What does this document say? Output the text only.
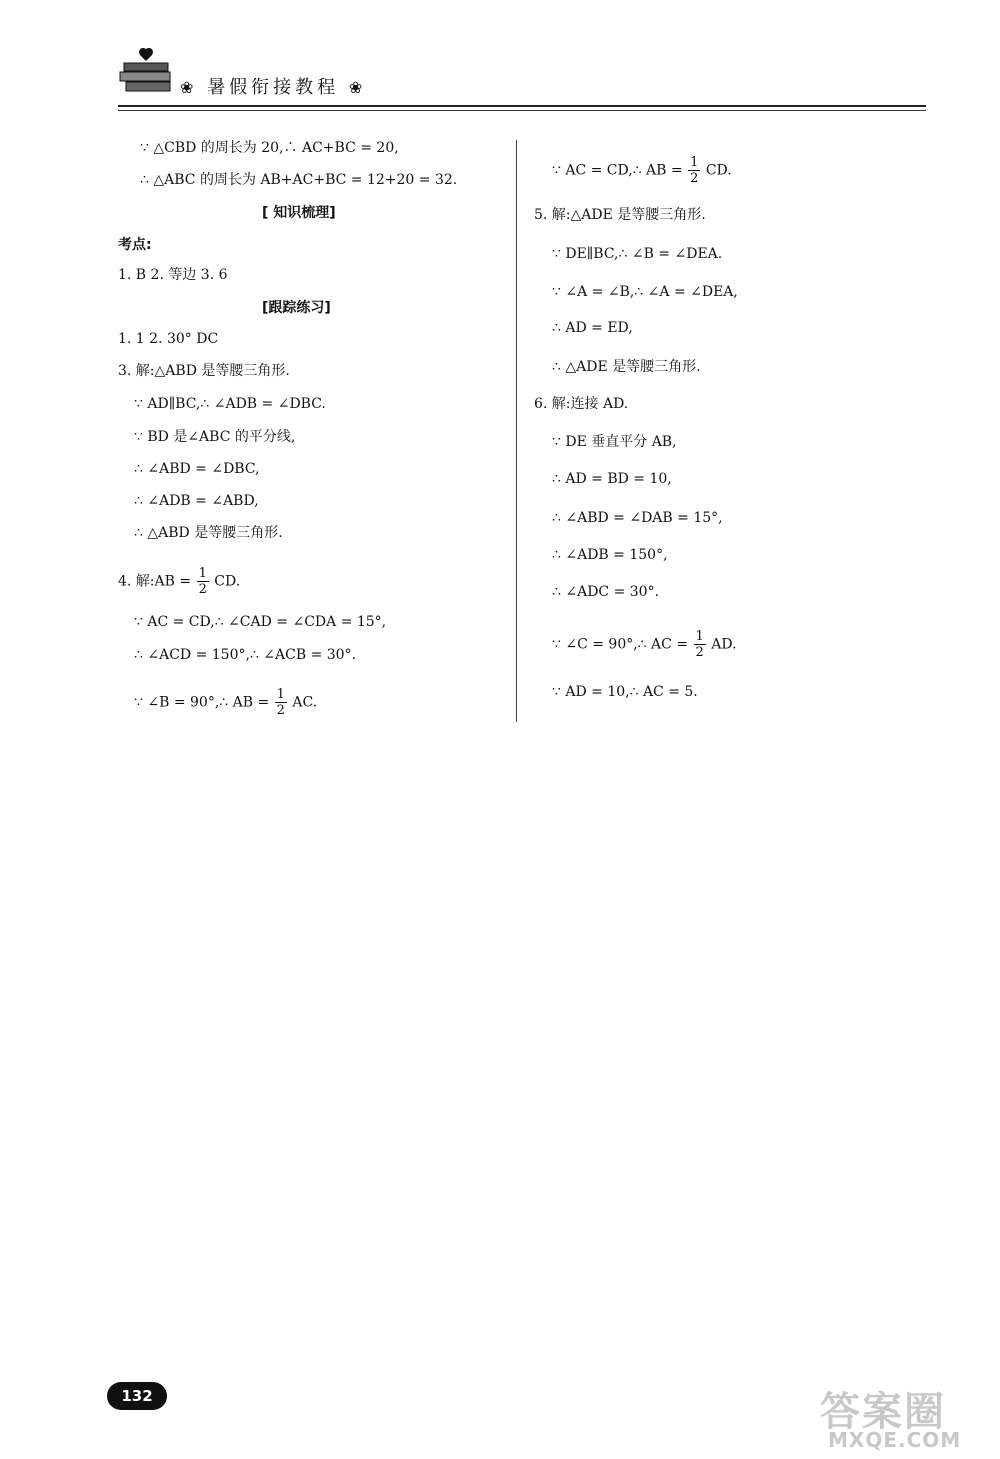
❀ 暑假衔接教程 ❀
∵ △CBD 的周长为 20,∴ AC+BC = 20,
∴ △ABC 的周长为 AB+AC+BC = 12+20 = 32.
[ 知识梳理]
考点:
1. B 2. 等边 3. 6
[跟踪练习]
1. 1 2. 30° DC
3. 解:△ABD 是等腰三角形.
∵ AD∥BC,∴ ∠ADB = ∠DBC.
∵ BD 是∠ABC 的平分线,
∴ ∠ABD = ∠DBC,
∴ ∠ADB = ∠ABD,
∴ △ABD 是等腰三角形.
4. 解:AB = $\frac{1}{2}$ CD.
∵ AC = CD,∴ ∠CAD = ∠CDA = 15°,
∴ ∠ACD = 150°,∴ ∠ACB = 30°.
∵ ∠B = 90°,∴ AB = $\frac{1}{2}$ AC.
∵ AC = CD,∴ AB = $\frac{1}{2}$ CD.
5. 解:△ADE 是等腰三角形.
∵ DE∥BC,∴ ∠B = ∠DEA.
∵ ∠A = ∠B,∴ ∠A = ∠DEA,
∴ AD = ED,
∴ △ADE 是等腰三角形.
6. 解:连接 AD.
∵ DE 垂直平分 AB,
∴ AD = BD = 10,
∴ ∠ABD = ∠DAB = 15°,
∴ ∠ADB = 150°,
∴ ∠ADC = 30°.
∵ ∠C = 90°,∴ AC = $\frac{1}{2}$ AD.
∵ AD = 10,∴ AC = 5.
132	答案圈
MXQE.COM
